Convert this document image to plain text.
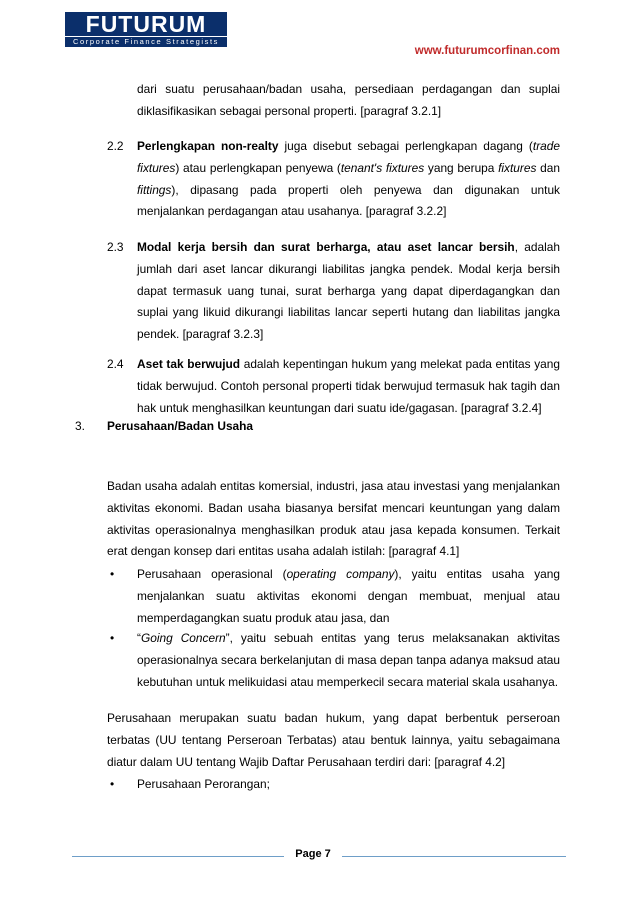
FUTURUM
Corporate Finance Strategists
www.futurumcorfinan.com
dari suatu perusahaan/badan usaha, persediaan perdagangan dan suplai diklasifikasikan sebagai personal properti. [paragraf 3.2.1]
2.2 Perlengkapan non-realty juga disebut sebagai perlengkapan dagang (trade fixtures) atau perlengkapan penyewa (tenant's fixtures yang berupa fixtures dan fittings), dipasang pada properti oleh penyewa dan digunakan untuk menjalankan perdagangan atau usahanya. [paragraf 3.2.2]
2.3 Modal kerja bersih dan surat berharga, atau aset lancar bersih, adalah jumlah dari aset lancar dikurangi liabilitas jangka pendek. Modal kerja bersih dapat termasuk uang tunai, surat berharga yang dapat diperdagangkan dan suplai yang likuid dikurangi liabilitas lancar seperti hutang dan liabilitas jangka pendek. [paragraf 3.2.3]
2.4 Aset tak berwujud adalah kepentingan hukum yang melekat pada entitas yang tidak berwujud. Contoh personal properti tidak berwujud termasuk hak tagih dan hak untuk menghasilkan keuntungan dari suatu ide/gagasan. [paragraf 3.2.4]
3. Perusahaan/Badan Usaha
Badan usaha adalah entitas komersial, industri, jasa atau investasi yang menjalankan aktivitas ekonomi. Badan usaha biasanya bersifat mencari keuntungan yang dalam aktivitas operasionalnya menghasilkan produk atau jasa kepada konsumen. Terkait erat dengan konsep dari entitas usaha adalah istilah: [paragraf 4.1]
• Perusahaan operasional (operating company), yaitu entitas usaha yang menjalankan suatu aktivitas ekonomi dengan membuat, menjual atau memperdagangkan suatu produk atau jasa, dan
• “Going Concern”, yaitu sebuah entitas yang terus melaksanakan aktivitas operasionalnya secara berkelanjutan di masa depan tanpa adanya maksud atau kebutuhan untuk melikuidasi atau memperkecil secara material skala usahanya.
Perusahaan merupakan suatu badan hukum, yang dapat berbentuk perseroan terbatas (UU tentang Perseroan Terbatas) atau bentuk lainnya, yaitu sebagaimana diatur dalam UU tentang Wajib Daftar Perusahaan terdiri dari: [paragraf 4.2]
• Perusahaan Perorangan;
Page 7
